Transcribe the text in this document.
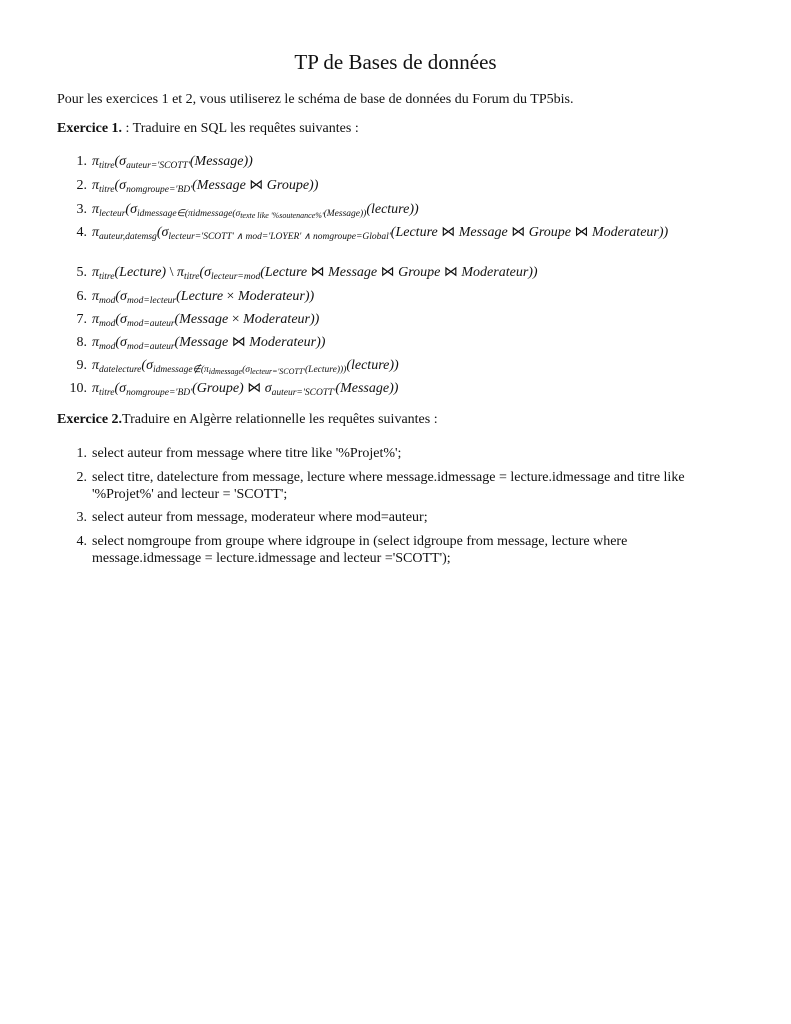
TP de Bases de données
Pour les exercices 1 et 2, vous utiliserez le schéma de base de données du Forum du TP5bis.
Exercice 1. : Traduire en SQL les requêtes suivantes :
1. $\pi_{titre}(\sigma_{auteur='SCOTT'}(Message))$
2. $\pi_{titre}(\sigma_{nomgroupe='BD'}(Message$ ⋈ Groupe))
3. $\pi_{lecteur}(\sigma_{idmessage\in(\pi idmessage(\sigma_{texte like '\%soutenance\%'}(Message))}(lecture))$
4. $\pi_{auteur,datemsg}(\sigma_{lecteur='SCOTT' \wedge mod='LOYER' \wedge nomgroupe=Global'}(Lecture$ ⋈ Message ⋈ Groupe ⋈ Moderateur))
5. $\pi_{titre}(Lecture)$ \ $\pi_{titre}(\sigma_{lecteur=mod}(Lecture$ ⋈ Message ⋈ Groupe ⋈ Moderateur))
6. $\pi_{mod}(\sigma_{mod=lecteur}(Lecture$ × Moderateur))
7. $\pi_{mod}(\sigma_{mod=auteur}(Message$ × Moderateur))
8. $\pi_{mod}(\sigma_{mod=auteur}(Message$ ⋈ Moderateur))
9. $\pi_{datelecture}(\sigma_{idmessage\notin(\pi_{idmessage}(\sigma_{lecteur='SCOTT'}(Lecture)))}(lecture))$
10. $\pi_{titre}(\sigma_{nomgroupe='BD'}(Groupe)$ ⋈ $\sigma_{auteur='SCOTT'}(Message)$)
Exercice 2.Traduire en Algèrre relationnelle les requêtes suivantes :
1. select auteur from message where titre like '%Projet%';
2. select titre, datelecture from message, lecture where message.idmessage = lecture.idmessage and titre like '%Projet%' and lecteur = 'SCOTT';
3. select auteur from message, moderateur where mod=auteur;
4. select nomgroupe from groupe where idgroupe in (select idgroupe from message, lecture where message.idmessage = lecture.idmessage and lecteur ='SCOTT');
